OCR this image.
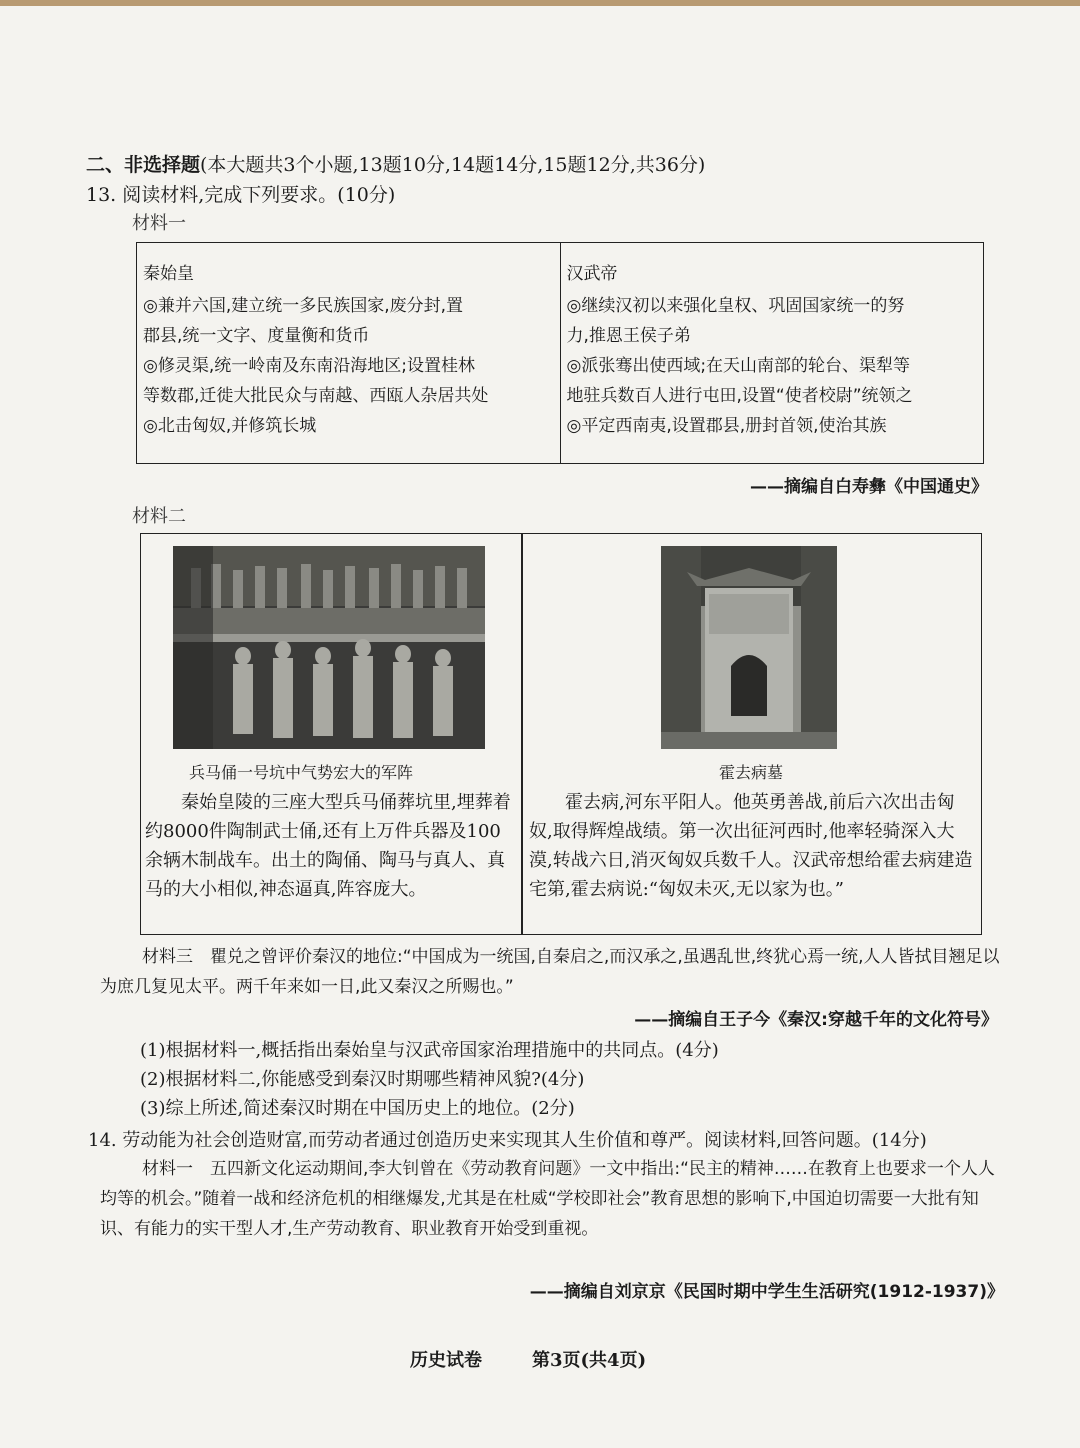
二、非选择题(本大题共3个小题,13题10分,14题14分,15题12分,共36分)
13. 阅读材料,完成下列要求。(10分)
材料一
秦始皇
◎兼并六国,建立统一多民族国家,废分封,置
郡县,统一文字、度量衡和货币
◎修灵渠,统一岭南及东南沿海地区;设置桂林
等数郡,迁徙大批民众与南越、西瓯人杂居共处
◎北击匈奴,并修筑长城

汉武帝
◎继续汉初以来强化皇权、巩固国家统一的努
力,推恩王侯子弟
◎派张骞出使西域;在天山南部的轮台、渠犁等
地驻兵数百人进行屯田,设置“使者校尉”统领之
◎平定西南夷,设置郡县,册封首领,使治其族
——摘编自白寿彝《中国通史》
材料二
兵马俑一号坑中气势宏大的军阵	霍去病墓
秦始皇陵的三座大型兵马俑葬坑里,埋葬着约8000件陶制武士俑,还有上万件兵器及100余辆木制战车。出土的陶俑、陶马与真人、真马的大小相似,神态逼真,阵容庞大。
霍去病,河东平阳人。他英勇善战,前后六次出击匈奴,取得辉煌战绩。第一次出征河西时,他率轻骑深入大漠,转战六日,消灭匈奴兵数千人。汉武帝想给霍去病建造宅第,霍去病说:“匈奴未灭,无以家为也。”
材料三　瞿兑之曾评价秦汉的地位:“中国成为一统国,自秦启之,而汉承之,虽遇乱世,终犹心焉一统,人人皆拭目翘足以为庶几复见太平。两千年来如一日,此又秦汉之所赐也。”
——摘编自王子今《秦汉:穿越千年的文化符号》
(1)根据材料一,概括指出秦始皇与汉武帝国家治理措施中的共同点。(4分)
(2)根据材料二,你能感受到秦汉时期哪些精神风貌?(4分)
(3)综上所述,简述秦汉时期在中国历史上的地位。(2分)
14. 劳动能为社会创造财富,而劳动者通过创造历史来实现其人生价值和尊严。阅读材料,回答问题。(14分)
材料一　五四新文化运动期间,李大钊曾在《劳动教育问题》一文中指出:“民主的精神……在教育上也要求一个人人均等的机会。”随着一战和经济危机的相继爆发,尤其是在杜威“学校即社会”教育思想的影响下,中国迫切需要一大批有知识、有能力的实干型人才,生产劳动教育、职业教育开始受到重视。
——摘编自刘京京《民国时期中学生生活研究(1912-1937)》
历史试卷	第3页(共4页)
